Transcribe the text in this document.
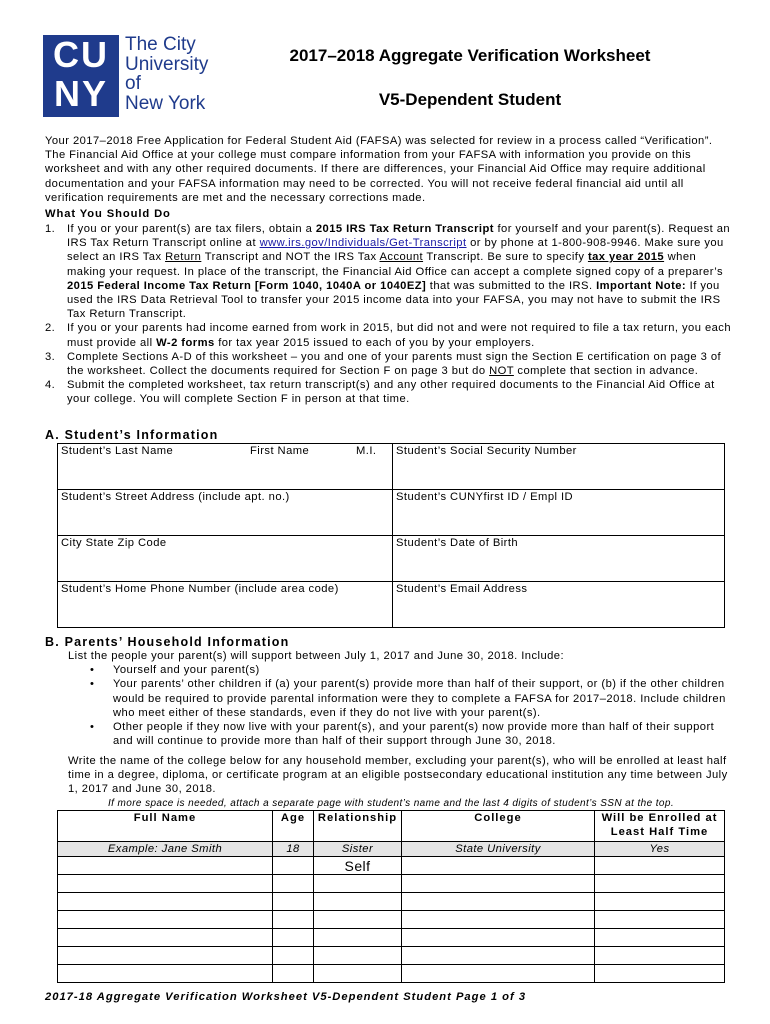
CU
NY
The City
University
of
New York
2017–2018 Aggregate Verification Worksheet
V5-Dependent Student
Your 2017–2018 Free Application for Federal Student Aid (FAFSA) was selected for review in a process called “Verification”. The Financial Aid Office at your college must compare information from your FAFSA with information you provide on this worksheet and with any other required documents. If there are differences, your Financial Aid Office may require additional documentation and your FAFSA information may need to be corrected. You will not receive federal financial aid until all verification requirements are met and the necessary corrections made.
What You Should Do
1. If you or your parent(s) are tax filers, obtain a 2015 IRS Tax Return Transcript for yourself and your parent(s). Request an IRS Tax Return Transcript online at www.irs.gov/Individuals/Get-Transcript or by phone at 1-800-908-9946. Make sure you select an IRS Tax Return Transcript and NOT the IRS Tax Account Transcript. Be sure to specify tax year 2015 when making your request. In place of the transcript, the Financial Aid Office can accept a complete signed copy of a preparer’s 2015 Federal Income Tax Return [Form 1040, 1040A or 1040EZ] that was submitted to the IRS. Important Note: If you used the IRS Data Retrieval Tool to transfer your 2015 income data into your FAFSA, you may not have to submit the IRS Tax Return Transcript.
2. If you or your parents had income earned from work in 2015, but did not and were not required to file a tax return, you each must provide all W-2 forms for tax year 2015 issued to each of you by your employers.
3. Complete Sections A-D of this worksheet – you and one of your parents must sign the Section E certification on page 3 of the worksheet. Collect the documents required for Section F on page 3 but do NOT complete that section in advance.
4. Submit the completed worksheet, tax return transcript(s) and any other required documents to the Financial Aid Office at your college. You will complete Section F in person at that time.
A. Student’s Information
Student’s Last Name First Name M.I.	Student’s Social Security Number

Student’s Street Address (include apt. no.)	Student’s CUNYfirst ID / Empl ID

City State Zip Code	Student’s Date of Birth

Student’s Home Phone Number (include area code)	Student’s Email Address
B. Parents’ Household Information
List the people your parent(s) will support between July 1, 2017 and June 30, 2018. Include:
• Yourself and your parent(s)
• Your parents’ other children if (a) your parent(s) provide more than half of their support, or (b) if the other children would be required to provide parental information were they to complete a FAFSA for 2017–2018. Include children who meet either of these standards, even if they do not live with your parent(s).
• Other people if they now live with your parent(s), and your parent(s) now provide more than half of their support and will continue to provide more than half of their support through June 30, 2018.
Write the name of the college below for any household member, excluding your parent(s), who will be enrolled at least half time in a degree, diploma, or certificate program at an eligible postsecondary educational institution any time between July 1, 2017 and June 30, 2018.
If more space is needed, attach a separate page with student’s name and the last 4 digits of student’s SSN at the top.
Full Name	Age	Relationship	College	Will be Enrolled at Least Half Time
Example: Jane Smith	18	Sister	State University	Yes
		Self		

2017-18 Aggregate Verification Worksheet V5-Dependent Student Page 1 of 3
